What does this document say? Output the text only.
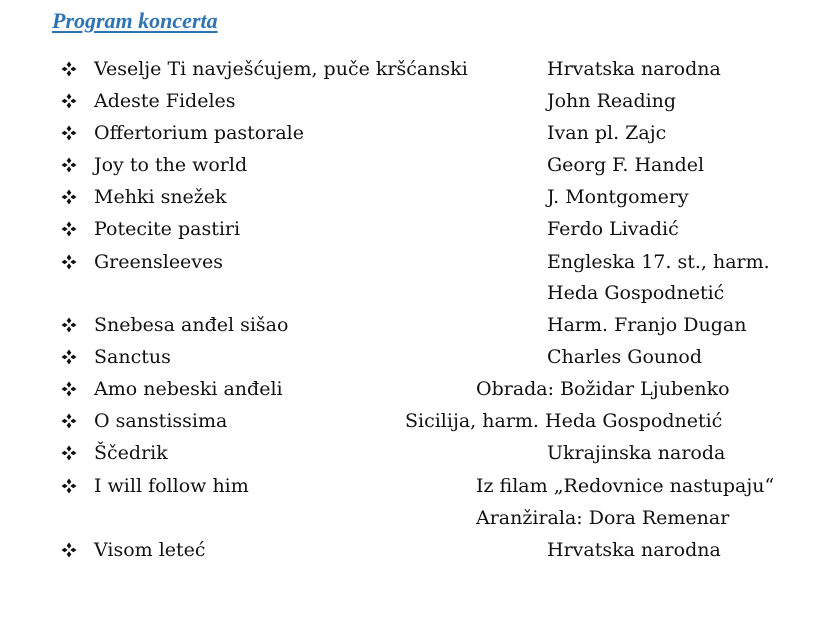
Program koncerta
Veselje Ti navješćujem, puče kršćanski	Hrvatska narodna
Adeste Fideles	John Reading
Offertorium pastorale	Ivan pl. Zajc
Joy to the world	Georg F. Handel
Mehki snežek	J. Montgomery
Potecite pastiri	Ferdo Livadić
Greensleeves	Engleska 17. st., harm.
Heda Gospodnetić
Snebesa anđel sišao	Harm. Franjo Dugan
Sanctus	Charles Gounod
Amo nebeski anđeli	Obrada: Božidar Ljubenko
O sanstissima	Sicilija, harm. Heda Gospodnetić
Ščedrik	Ukrajinska naroda
I will follow him	Iz filam „Redovnice nastupaju“
Aranžirala: Dora Remenar
Visom leteć	Hrvatska narodna
